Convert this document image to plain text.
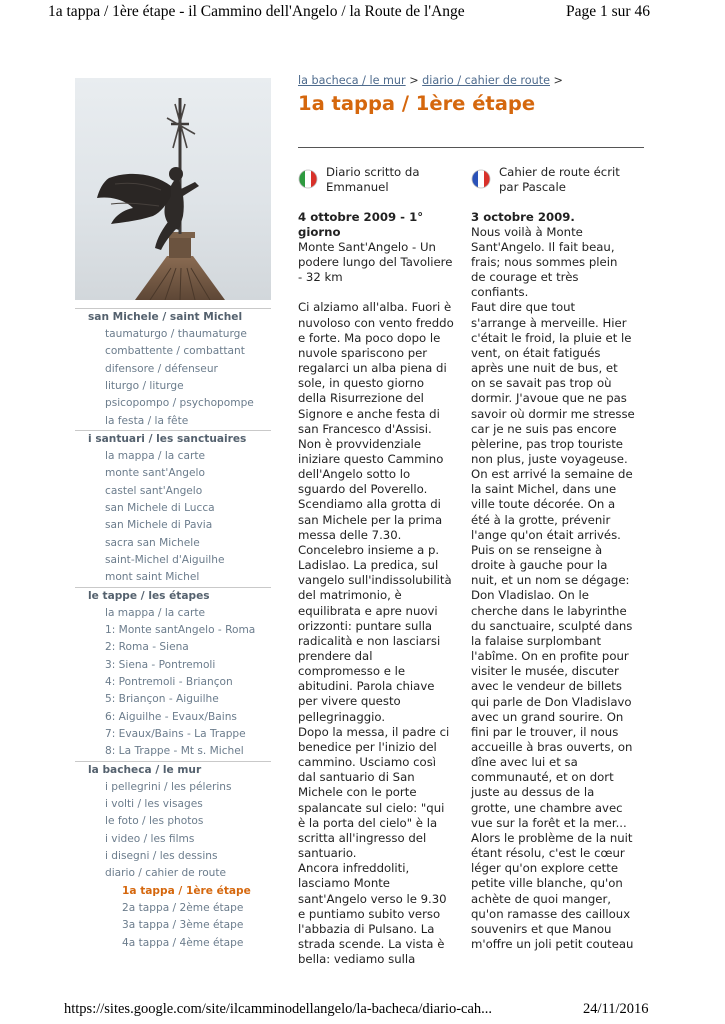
1a tappa / 1ère étape - il Cammino dell'Angelo / la Route de l'Ange	Page 1 sur 46
https://sites.google.com/site/ilcamminodellangelo/la-bacheca/diario-cah...	24/11/2016
san Michele / saint Michel
taumaturgo / thaumaturge
combattente / combattant
difensore / défenseur
liturgo / liturge
psicopompo / psychopompe
la festa / la fête
i santuari / les sanctuaires
la mappa / la carte
monte sant'Angelo
castel sant'Angelo
san Michele di Lucca
san Michele di Pavia
sacra san Michele
saint-Michel d'Aiguilhe
mont saint Michel
le tappe / les étapes
la mappa / la carte
1: Monte santAngelo - Roma
2: Roma - Siena
3: Siena - Pontremoli
4: Pontremoli - Briançon
5: Briançon - Aiguilhe
6: Aiguilhe - Evaux/Bains
7: Evaux/Bains - La Trappe
8: La Trappe - Mt s. Michel
la bacheca / le mur
i pellegrini / les pélerins
i volti / les visages
le foto / les photos
i video / les films
i disegni / les dessins
diario / cahier de route
1a tappa / 1ère étape
2a tappa / 2ème étape
3a tappa / 3ème étape
4a tappa / 4ème étape
la bacheca / le mur > diario / cahier de route >
1a tappa / 1ère étape
Diario scritto da
Emmanuel
4 ottobre 2009 - 1°
giorno

Monte Sant'Angelo - Un
podere lungo del Tavoliere
- 32 km

Ci alziamo all'alba. Fuori è
nuvoloso con vento freddo
e forte. Ma poco dopo le
nuvole spariscono per
regalarci un alba piena di
sole, in questo giorno
della Risurrezione del
Signore e anche festa di
san Francesco d'Assisi.
Non è provvidenziale
iniziare questo Cammino
dell'Angelo sotto lo
sguardo del Poverello.
Scendiamo alla grotta di
san Michele per la prima
messa delle 7.30.
Concelebro insieme a p.
Ladislao. La predica, sul
vangelo sull'indissolubilità
del matrimonio, è
equilibrata e apre nuovi
orizzonti: puntare sulla
radicalità e non lasciarsi
prendere dal
compromesso e le
abitudini. Parola chiave
per vivere questo
pellegrinaggio.
Dopo la messa, il padre ci
benedice per l'inizio del
cammino. Usciamo così
dal santuario di San
Michele con le porte
spalancate sul cielo: "qui
è la porta del cielo" è la
scritta all'ingresso del
santuario.
Ancora infreddoliti,
lasciamo Monte
sant'Angelo verso le 9.30
e puntiamo subito verso
l'abbazia di Pulsano. La
strada scende. La vista è
bella: vediamo sulla

Cahier de route écrit
par Pascale
3 octobre 2009.

Nous voilà à Monte
Sant'Angelo. Il fait beau,
frais; nous sommes plein
de courage et très
confiants.
Faut dire que tout
s'arrange à merveille. Hier
c'était le froid, la pluie et le
vent, on était fatigués
après une nuit de bus, et
on se savait pas trop où
dormir. J'avoue que ne pas
savoir où dormir me stresse
car je ne suis pas encore
pèlerine, pas trop touriste
non plus, juste voyageuse.
On est arrivé la semaine de
la saint Michel, dans une
ville toute décorée. On a
été à la grotte, prévenir
l'ange qu'on était arrivés.
Puis on se renseigne à
droite à gauche pour la
nuit, et un nom se dégage:
Don Vladislao. On le
cherche dans le labyrinthe
du sanctuaire, sculpté dans
la falaise surplombant
l'abîme. On en profite pour
visiter le musée, discuter
avec le vendeur de billets
qui parle de Don Vladislavo
avec un grand sourire. On
fini par le trouver, il nous
accueille à bras ouverts, on
dîne avec lui et sa
communauté, et on dort
juste au dessus de la
grotte, une chambre avec
vue sur la forêt et la mer...
Alors le problème de la nuit
étant résolu, c'est le cœur
léger qu'on explore cette
petite ville blanche, qu'on
achète de quoi manger,
qu'on ramasse des cailloux
souvenirs et que Manou
m'offre un joli petit couteau
